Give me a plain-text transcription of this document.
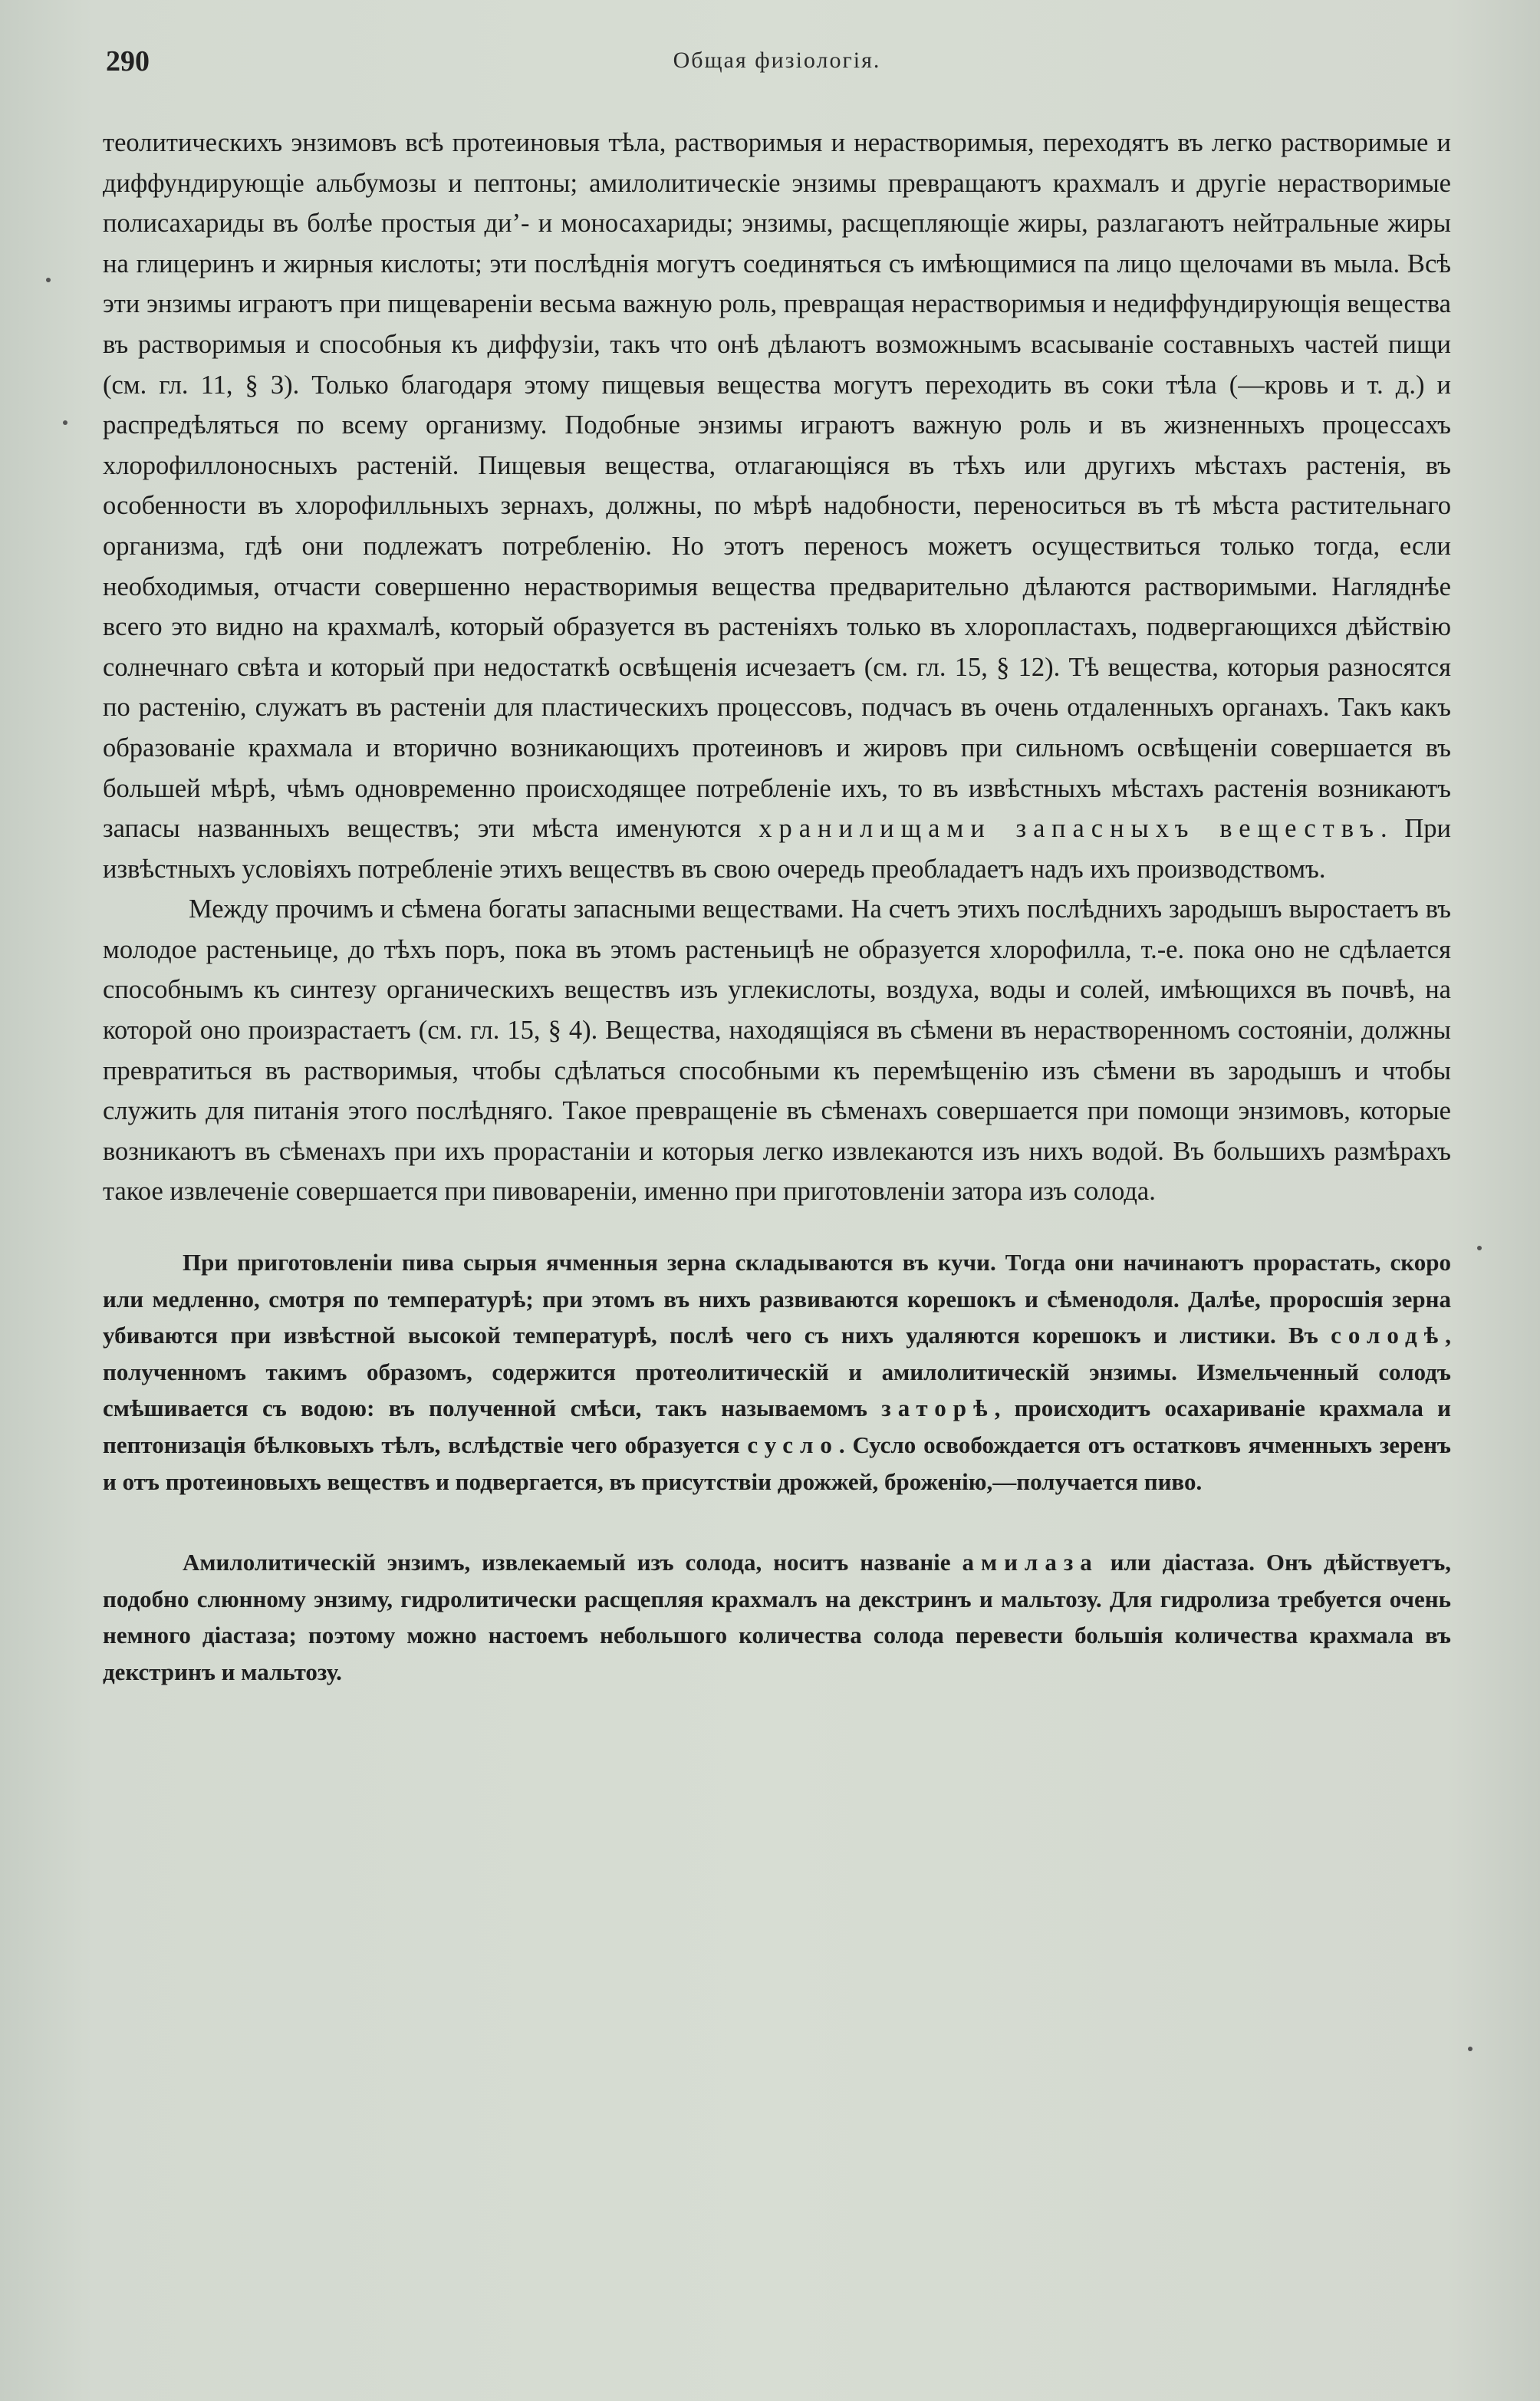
290	Общая физiологiя.

теолитическихъ энзимовъ всѣ протеиновыя тѣла, растворимыя и нерастворимыя, переходятъ въ легко растворимые и диффундирующiе альбумозы и пептоны; амилолитическiе энзимы превращаютъ крахмалъ и другiе нерастворимые полисахариды въ болѣе простыя ди’- и моносахариды; энзимы, расщепляющiе жиры, разлагаютъ нейтральные жиры на глицеринъ и жирныя кислоты; эти послѣднiя могутъ соединяться съ имѣющимися па лицо щелочами въ мыла. Всѣ эти энзимы играютъ при пищеваренiи весьма важную роль, превращая нерастворимыя и недиффундирующiя вещества въ растворимыя и способныя къ диффузiи, такъ что онѣ дѣлаютъ возможнымъ всасыванiе составныхъ частей пищи (см. гл. 11, § 3). Только благодаря этому пищевыя вещества могутъ переходить въ соки тѣла (—кровь и т. д.) и распредѣляться по всему организму. Подобные энзимы играютъ важную роль и въ жизненныхъ процессахъ хлорофиллоносныхъ растенiй. Пищевыя вещества, отлагающiяся въ тѣхъ или другихъ мѣстахъ растенiя, въ особенности въ хлорофилльныхъ зернахъ, должны, по мѣрѣ надобности, переноситься въ тѣ мѣста растительнаго организма, гдѣ они подлежатъ потребленiю. Но этотъ переносъ можетъ осуществиться только тогда, если необходимыя, отчасти совершенно нерастворимыя вещества предварительно дѣлаются растворимыми. Нагляднѣе всего это видно на крахмалѣ, который образуется въ растенiяхъ только въ хлоропластахъ, подвергающихся дѣйствiю солнечнаго свѣта и который при недостаткѣ освѣщенiя исчезаетъ (см. гл. 15, § 12). Тѣ вещества, которыя разносятся по растенiю, служатъ въ растенiи для пластическихъ процессовъ, подчасъ въ очень отдаленныхъ органахъ. Такъ какъ образованiе крахмала и вторично возникающихъ протеиновъ и жировъ при сильномъ освѣщенiи совершается въ большей мѣрѣ, чѣмъ одновременно происходящее потребленiе ихъ, то въ извѣстныхъ мѣстахъ растенiя возникаютъ запасы названныхъ веществъ; эти мѣста именуются хранилищами запасныхъ веществъ. При извѣстныхъ условiяхъ потребленiе этихъ веществъ въ свою очередь преобладаетъ надъ ихъ производствомъ.

Между прочимъ и сѣмена богаты запасными веществами. На счетъ этихъ послѣднихъ зародышъ выростаетъ въ молодое растеньице, до тѣхъ поръ, пока въ этомъ растеньицѣ не образуется хлорофилла, т.-е. пока оно не сдѣлается способнымъ къ синтезу органическихъ веществъ изъ углекислоты, воздуха, воды и солей, имѣющихся въ почвѣ, на которой оно произрастаетъ (см. гл. 15, § 4). Вещества, находящiяся въ сѣмени въ нерастворенномъ состоянiи, должны превратиться въ растворимыя, чтобы сдѣлаться способными къ перемѣщенiю изъ сѣмени въ зародышъ и чтобы служить для питанiя этого послѣдняго. Такое превращенiе въ сѣменахъ совершается при помощи энзимовъ, которые возникаютъ въ сѣменахъ при ихъ прорастанiи и которыя легко извлекаются изъ нихъ водой. Въ большихъ размѣрахъ такое извлеченiе совершается при пивоваренiи, именно при приготовленiи затора изъ солода.

При приготовленiи пива сырыя ячменныя зерна складываются въ кучи. Тогда они начинаютъ прорастать, скоро или медленно, смотря по температурѣ; при этомъ въ нихъ развиваются корешокъ и сѣменодоля. Далѣе, проросшiя зерна убиваются при извѣстной высокой температурѣ, послѣ чего съ нихъ удаляются корешокъ и листики. Въ солодѣ, полученномъ такимъ образомъ, содержится протеолитическiй и амилолитическiй энзимы. Измельченный солодъ смѣшивается съ водою: въ полученной смѣси, такъ называемомъ заторѣ, происходитъ осахариванiе крахмала и пептонизацiя бѣлковыхъ тѣлъ, вслѣдствiе чего образуется сусло. Сусло освобождается отъ остатковъ ячменныхъ зеренъ и отъ протеиновыхъ веществъ и подвергается, въ присутствiи дрожжей, броженiю,—получается пиво.

Амилолитическiй энзимъ, извлекаемый изъ солода, носитъ названiе амилаза или дiастаза. Онъ дѣйствуетъ, подобно слюнному энзиму, гидролитически расщепляя крахмалъ на декстринъ и мальтозу. Для гидролиза требуется очень немного дiастаза; поэтому можно настоемъ небольшого количества солода перевести большiя количества крахмала въ декстринъ и мальтозу.
